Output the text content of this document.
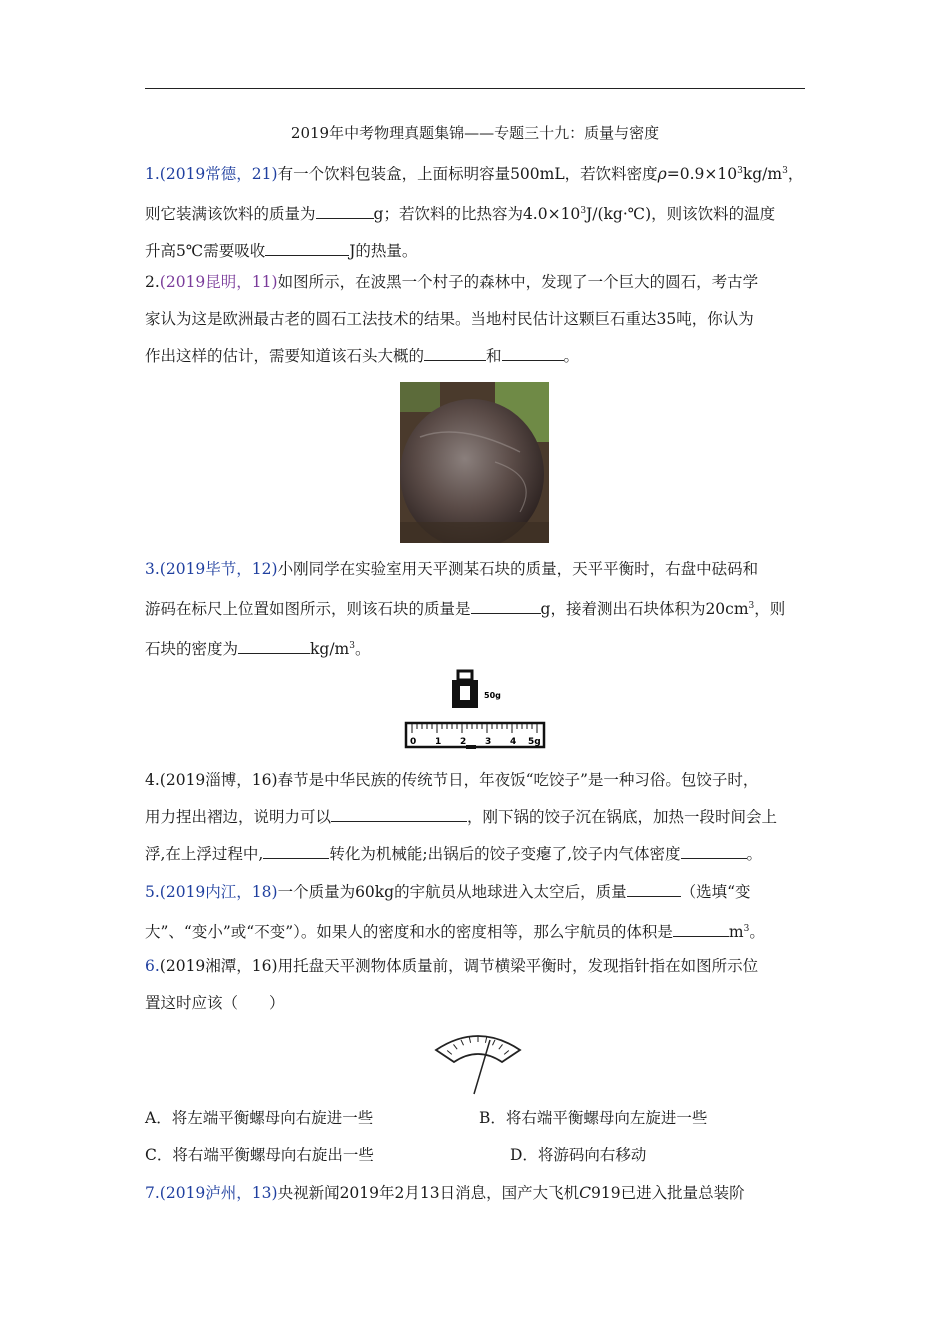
2019年中考物理真题集锦——专题三十九：质量与密度
1.(2019常德，21)有一个饮料包装盒，上面标明容量500mL，若饮料密度$\rho=0.9\times 10^3kg/m^3$，
则它装满该饮料的质量为	g；若饮料的比热容为$4.0\times 10^3J/(kg\cdot℃)$，则该饮料的温度
升高5℃需要吸收	J的热量。
2.(2019昆明，11)如图所示，在波黑一个村子的森林中，发现了一个巨大的圆石，考古学
家认为这是欧洲最古老的圆石工法技术的结果。当地村民估计这颗巨石重达35吨，你认为
作出这样的估计，需要知道该石头大概的	和	。
3.(2019毕节，12)小刚同学在实验室用天平测某石块的质量，天平平衡时，右盘中砝码和
游码在标尺上位置如图所示，则该石块的质量是	g，接着测出石块体积为$20cm^3$，则
石块的密度为	$kg/m^3$。
50g
0 1 2 3 4 5g
4.(2019淄博，16)春节是中华民族的传统节日，年夜饭“吃饺子”是一种习俗。包饺子时，
用力捏出褶边，说明力可以	，刚下锅的饺子沉在锅底，加热一段时间会上
浮,在上浮过程中,	转化为机械能;出锅后的饺子变瘪了,饺子内气体密度	。
5.(2019内江，18)一个质量为60kg的宇航员从地球进入太空后，质量	（选填“变
大”、“变小”或“不变”）。如果人的密度和水的密度相等，那么宇航员的体积是	$m^3$。
6.(2019湘潭，16)用托盘天平测物体质量前，调节横梁平衡时，发现指针指在如图所示位
置这时应该（　　）
A．将左端平衡螺母向右旋进一些	B．将右端平衡螺母向左旋进一些
C．将右端平衡螺母向右旋出一些	D．将游码向右移动
7.(2019泸州，13)央视新闻2019年2月13日消息，国产大飞机C919已进入批量总装阶
